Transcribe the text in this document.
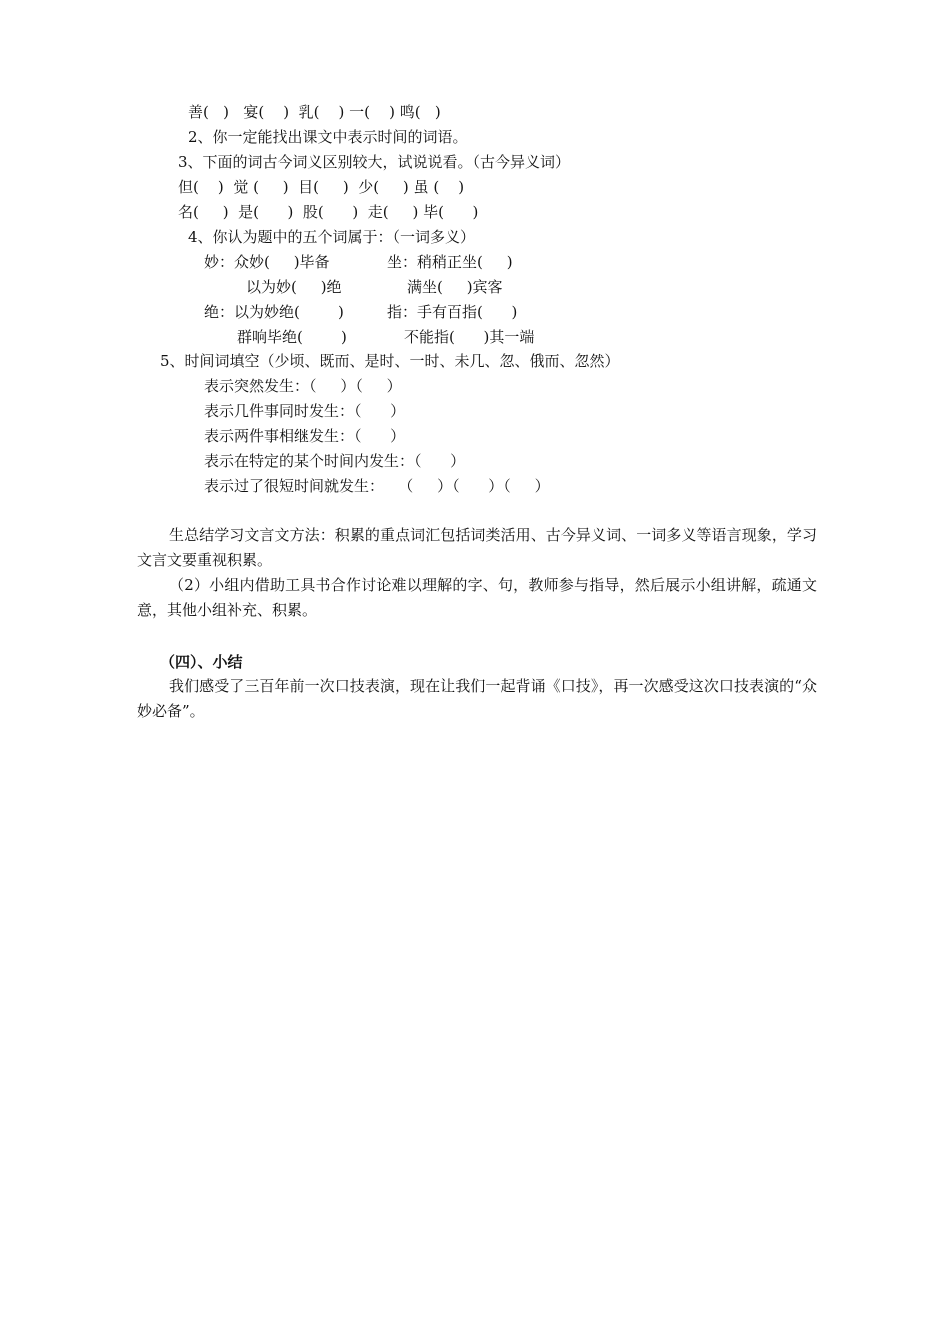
善(   )   宴(    )  乳(    ) 一(    ) 鸣(   )
2、你一定能找出课文中表示时间的词语。
3、下面的词古今词义区别较大，试说说看。（古今异义词）
但(    )  觉 (     )  目(     )  少(     ) 虽 (    )
名(     )  是(      )  股(      )  走(     ) 毕(      )
4、你认为题中的五个词属于：（一词多义）
妙：众妙(     )毕备	坐：稍稍正坐(     )
以为妙(     )绝	满坐(     )宾客
绝：以为妙绝(        )	指：手有百指(      )
群响毕绝(        )	不能指(      )其一端
5、时间词填空（少顷、既而、是时、一时、未几、忽、俄而、忽然）
表示突然发生：（     ）（     ）
表示几件事同时发生：（      ）
表示两件事相继发生：（      ）
表示在特定的某个时间内发生：（      ）
表示过了很短时间就发生：   （     ）（      ）（     ）
生总结学习文言文方法：积累的重点词汇包括词类活用、古今异义词、一词多义等语言现象，学习文言文要重视积累。
（2）小组内借助工具书合作讨论难以理解的字、句，教师参与指导，然后展示小组讲解，疏通文意，其他小组补充、积累。
（四）、小结
我们感受了三百年前一次口技表演，现在让我们一起背诵《口技》，再一次感受这次口技表演的“众妙必备”。
